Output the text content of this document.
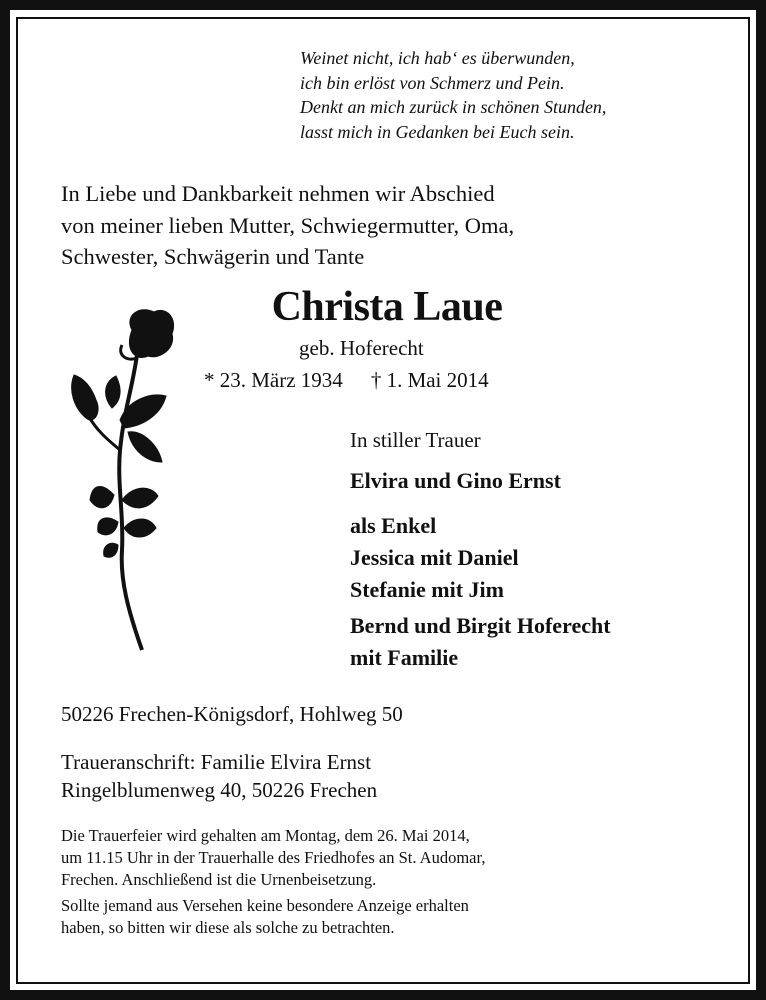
Weinet nicht, ich hab‘ es überwunden,
ich bin erlöst von Schmerz und Pein.
Denkt an mich zurück in schönen Stunden,
lasst mich in Gedanken bei Euch sein.
In Liebe und Dankbarkeit nehmen wir Abschied
von meiner lieben Mutter, Schwiegermutter, Oma,
Schwester, Schwägerin und Tante
Christa Laue
geb. Hoferecht
* 23. März 1934 † 1. Mai 2014
In stiller Trauer
Elvira und Gino Ernst
als Enkel
Jessica mit Daniel
Stefanie mit Jim
Bernd und Birgit Hoferecht
mit Familie
50226 Frechen-Königsdorf, Hohlweg 50
Traueranschrift: Familie Elvira Ernst
Ringelblumenweg 40, 50226 Frechen
Die Trauerfeier wird gehalten am Montag, dem 26. Mai 2014,
um 11.15 Uhr in der Trauerhalle des Friedhofes an St. Audomar,
Frechen. Anschließend ist die Urnenbeisetzung.
Sollte jemand aus Versehen keine besondere Anzeige erhalten
haben, so bitten wir diese als solche zu betrachten.
